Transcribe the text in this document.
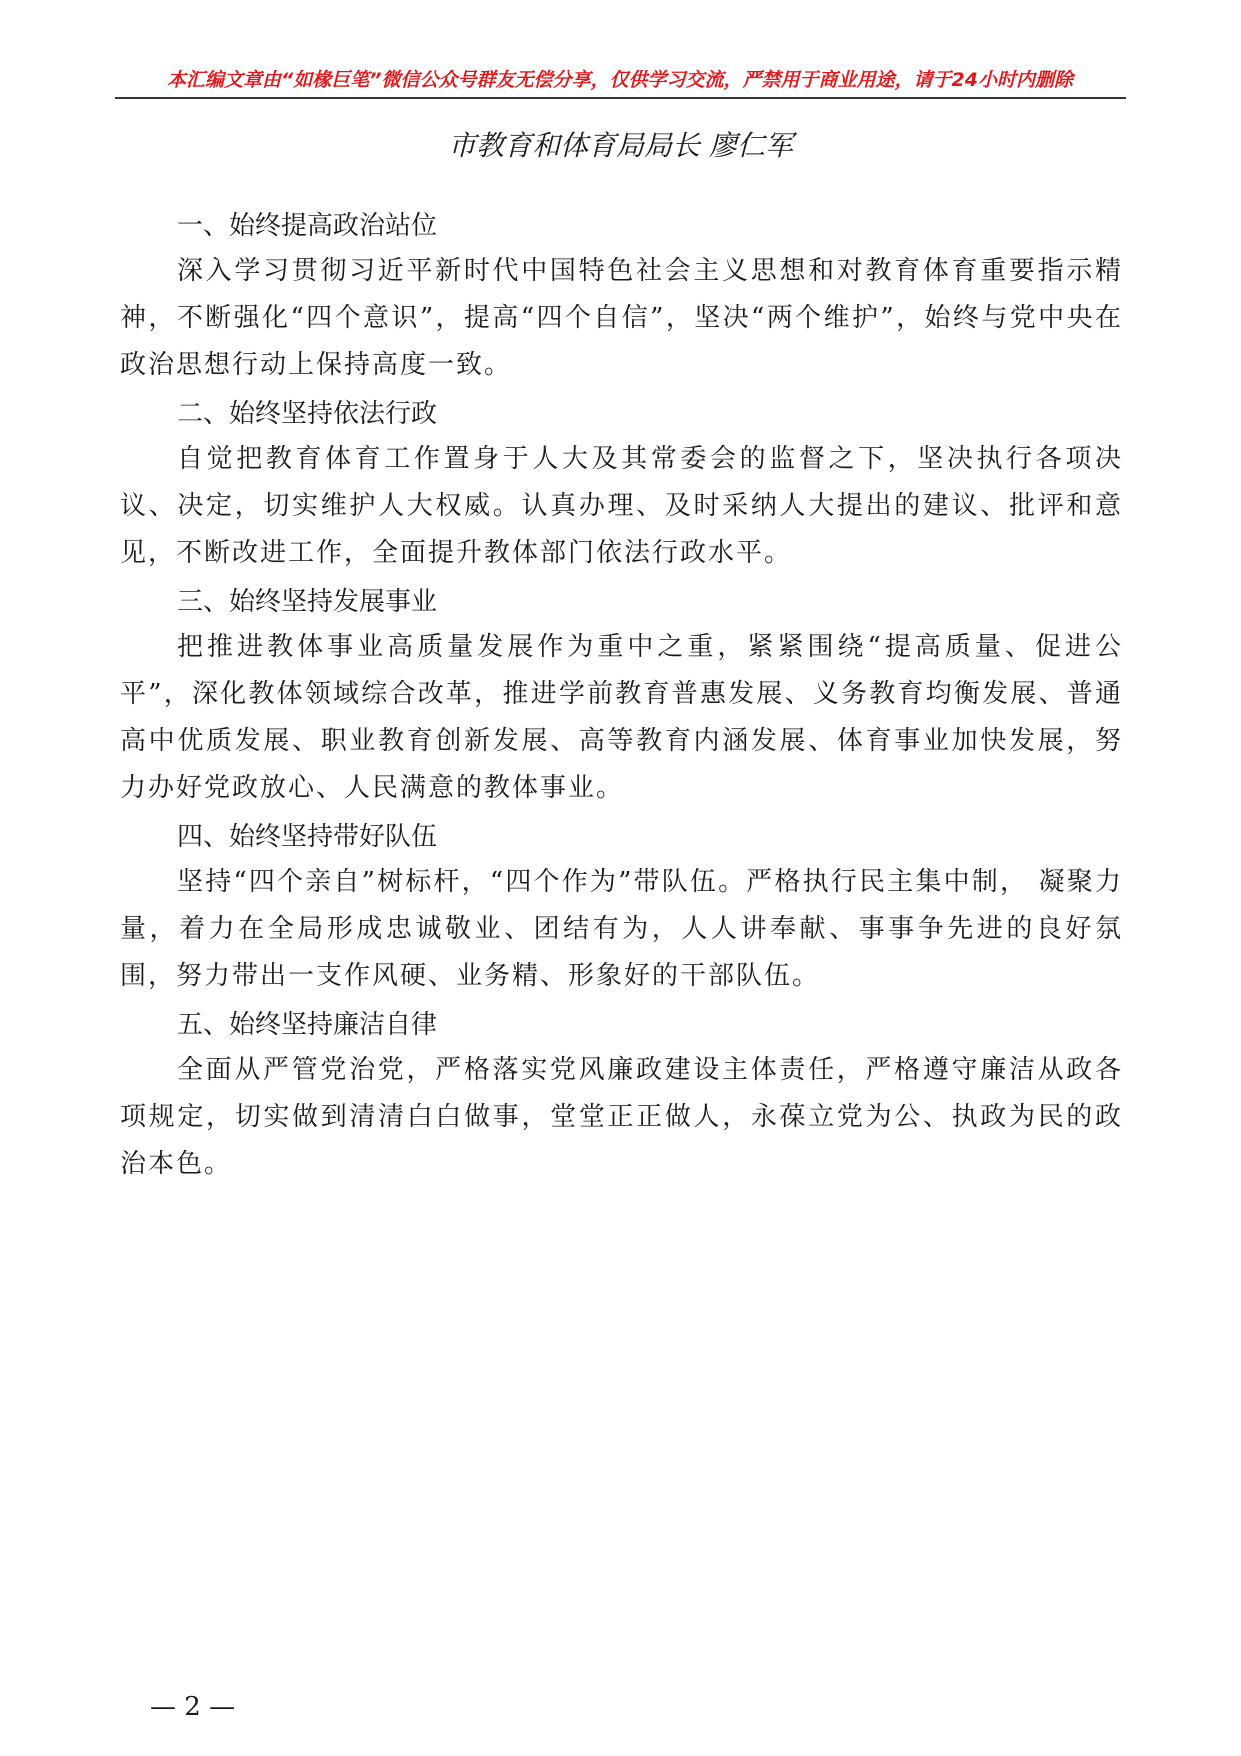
本汇编文章由“如椽巨笔”微信公众号群友无偿分享，仅供学习交流，严禁用于商业用途，请于24小时内删除
市教育和体育局局长 廖仁军

一、始终提高政治站位

深入学习贯彻习近平新时代中国特色社会主义思想和对教育体育重要指示精神，不断强化“四个意识”，提高“四个自信”，坚决“两个维护”，始终与党中央在政治思想行动上保持高度一致。

二、始终坚持依法行政

自觉把教育体育工作置身于人大及其常委会的监督之下，坚决执行各项决议、决定，切实维护人大权威。认真办理、及时采纳人大提出的建议、批评和意见，不断改进工作，全面提升教体部门依法行政水平。

三、始终坚持发展事业

把推进教体事业高质量发展作为重中之重，紧紧围绕“提高质量、促进公平”，深化教体领域综合改革，推进学前教育普惠发展、义务教育均衡发展、普通高中优质发展、职业教育创新发展、高等教育内涵发展、体育事业加快发展，努力办好党政放心、人民满意的教体事业。

四、始终坚持带好队伍

坚持“四个亲自”树标杆，“四个作为”带队伍。严格执行民主集中制， 凝聚力量，着力在全局形成忠诚敬业、团结有为，人人讲奉献、事事争先进的良好氛围，努力带出一支作风硬、业务精、形象好的干部队伍。

五、始终坚持廉洁自律

全面从严管党治党，严格落实党风廉政建设主体责任，严格遵守廉洁从政各项规定，切实做到清清白白做事，堂堂正正做人，永葆立党为公、执政为民的政治本色。

— 2 —
